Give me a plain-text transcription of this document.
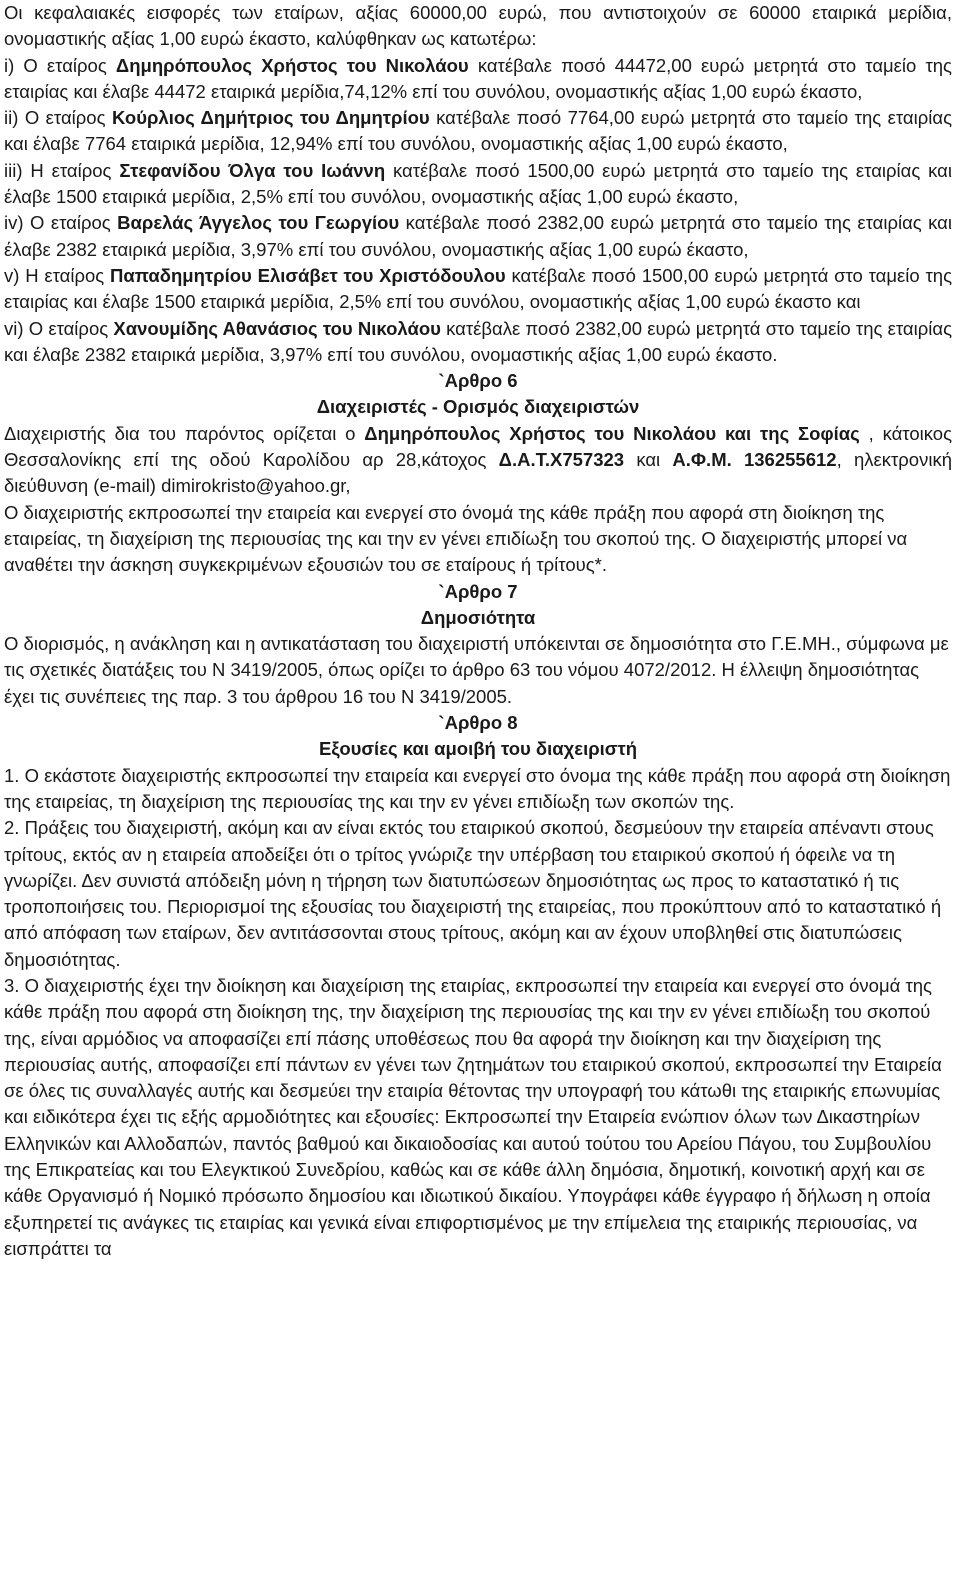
Οι κεφαλαιακές εισφορές των εταίρων, αξίας 60000,00 ευρώ, που αντιστοιχούν σε 60000 εταιρικά μερίδια, ονομαστικής αξίας 1,00 ευρώ έκαστο, καλύφθηκαν ως κατωτέρω:

i) Ο εταίρος Δημηρόπουλος Χρήστος του Νικολάου κατέβαλε ποσό 44472,00 ευρώ μετρητά στο ταμείο της εταιρίας και έλαβε 44472 εταιρικά μερίδια,74,12% επί του συνόλου, ονομαστικής αξίας 1,00 ευρώ έκαστο,

ii) Ο εταίρος Κούρλιος Δημήτριος του Δημητρίου κατέβαλε ποσό 7764,00 ευρώ μετρητά στο ταμείο της εταιρίας και έλαβε 7764 εταιρικά μερίδια, 12,94% επί του συνόλου, ονομαστικής αξίας 1,00 ευρώ έκαστο,

iii) Η εταίρος Στεφανίδου Όλγα του Ιωάννη κατέβαλε ποσό 1500,00 ευρώ μετρητά στο ταμείο της εταιρίας και έλαβε 1500 εταιρικά μερίδια, 2,5% επί του συνόλου, ονομαστικής αξίας 1,00 ευρώ έκαστο,

iv) Ο εταίρος Βαρελάς Άγγελος του Γεωργίου κατέβαλε ποσό 2382,00 ευρώ μετρητά στο ταμείο της εταιρίας και έλαβε 2382 εταιρικά μερίδια, 3,97% επί του συνόλου, ονομαστικής αξίας 1,00 ευρώ έκαστο,

v) Η εταίρος Παπαδημητρίου Ελισάβετ του Χριστόδουλου κατέβαλε ποσό 1500,00 ευρώ μετρητά στο ταμείο της εταιρίας και έλαβε 1500 εταιρικά μερίδια, 2,5% επί του συνόλου, ονομαστικής αξίας 1,00 ευρώ έκαστο και

vi) Ο εταίρος Χανουμίδης Αθανάσιος του Νικολάου κατέβαλε ποσό 2382,00 ευρώ μετρητά στο ταμείο της εταιρίας και έλαβε 2382 εταιρικά μερίδια, 3,97% επί του συνόλου, ονομαστικής αξίας 1,00 ευρώ έκαστο.

`Αρθρο 6

Διαχειριστές - Ορισμός διαχειριστών

Διαχειριστής δια του παρόντος ορίζεται ο Δημηρόπουλος Χρήστος του Νικολάου και της Σοφίας , κάτοικος Θεσσαλονίκης επί της οδού Καρολίδου αρ 28,κάτοχος Δ.Α.Τ.Χ757323 και Α.Φ.Μ. 136255612, ηλεκτρονική διεύθυνση (e-mail) dimirokristo@yahoo.gr,

Ο διαχειριστής εκπροσωπεί την εταιρεία και ενεργεί στο όνομά της κάθε πράξη που αφορά στη διοίκηση της εταιρείας, τη διαχείριση της περιουσίας της και την εν γένει επιδίωξη του σκοπού της. Ο διαχειριστής μπορεί να αναθέτει την άσκηση συγκεκριμένων εξουσιών του σε εταίρους ή τρίτους*.

`Αρθρο 7

Δημοσιότητα

Ο διορισμός, η ανάκληση και η αντικατάσταση του διαχειριστή υπόκεινται σε δημοσιότητα στο Γ.Ε.ΜΗ., σύμφωνα με τις σχετικές διατάξεις του Ν 3419/2005, όπως ορίζει το άρθρο 63 του νόμου 4072/2012. Η έλλειψη δημοσιότητας έχει τις συνέπειες της παρ. 3 του άρθρου 16 του Ν 3419/2005.

`Αρθρο 8

Εξουσίες και αμοιβή του διαχειριστή

1. Ο εκάστοτε διαχειριστής εκπροσωπεί την εταιρεία και ενεργεί στο όνομα της κάθε πράξη που αφορά στη διοίκηση της εταιρείας, τη διαχείριση της περιουσίας της και την εν γένει επιδίωξη των σκοπών της.

2. Πράξεις του διαχειριστή, ακόμη και αν είναι εκτός του εταιρικού σκοπού, δεσμεύουν την εταιρεία απέναντι στους τρίτους, εκτός αν η εταιρεία αποδείξει ότι ο τρίτος γνώριζε την υπέρβαση του εταιρικού σκοπού ή όφειλε να τη γνωρίζει. Δεν συνιστά απόδειξη μόνη η τήρηση των διατυπώσεων δημοσιότητας ως προς το καταστατικό ή τις τροποποιήσεις του. Περιορισμοί της εξουσίας του διαχειριστή της εταιρείας, που προκύπτουν από το καταστατικό ή από απόφαση των εταίρων, δεν αντιτάσσονται στους τρίτους, ακόμη και αν έχουν υποβληθεί στις διατυπώσεις δημοσιότητας.

3. Ο διαχειριστής έχει την διοίκηση και διαχείριση της εταιρίας, εκπροσωπεί την εταιρεία και ενεργεί στο όνομά της κάθε πράξη που αφορά στη διοίκηση της, την διαχείριση της περιουσίας της και την εν γένει επιδίωξη του σκοπού της, είναι αρμόδιος να αποφασίζει επί πάσης υποθέσεως που θα αφορά την διοίκηση και την διαχείριση της περιουσίας αυτής, αποφασίζει επί πάντων εν γένει των ζητημάτων του εταιρικού σκοπού, εκπροσωπεί την Εταιρεία σε όλες τις συναλλαγές αυτής και δεσμεύει την εταιρία θέτοντας την υπογραφή του κάτωθι της εταιρικής επωνυμίας και ειδικότερα έχει τις εξής αρμοδιότητες και εξουσίες: Εκπροσωπεί την Εταιρεία ενώπιον όλων των Δικαστηρίων Ελληνικών και Αλλοδαπών, παντός βαθμού και δικαιοδοσίας και αυτού τούτου του Αρείου Πάγου, του Συμβουλίου της Επικρατείας και του Ελεγκτικού Συνεδρίου, καθώς και σε κάθε άλλη δημόσια, δημοτική, κοινοτική αρχή και σε κάθε Οργανισμό ή Νομικό πρόσωπο δημοσίου και ιδιωτικού δικαίου. Υπογράφει κάθε έγγραφο ή δήλωση η οποία εξυπηρετεί τις ανάγκες τις εταιρίας και γενικά είναι επιφορτισμένος με την επίμελεια της εταιρικής περιουσίας, να εισπράττει τα
